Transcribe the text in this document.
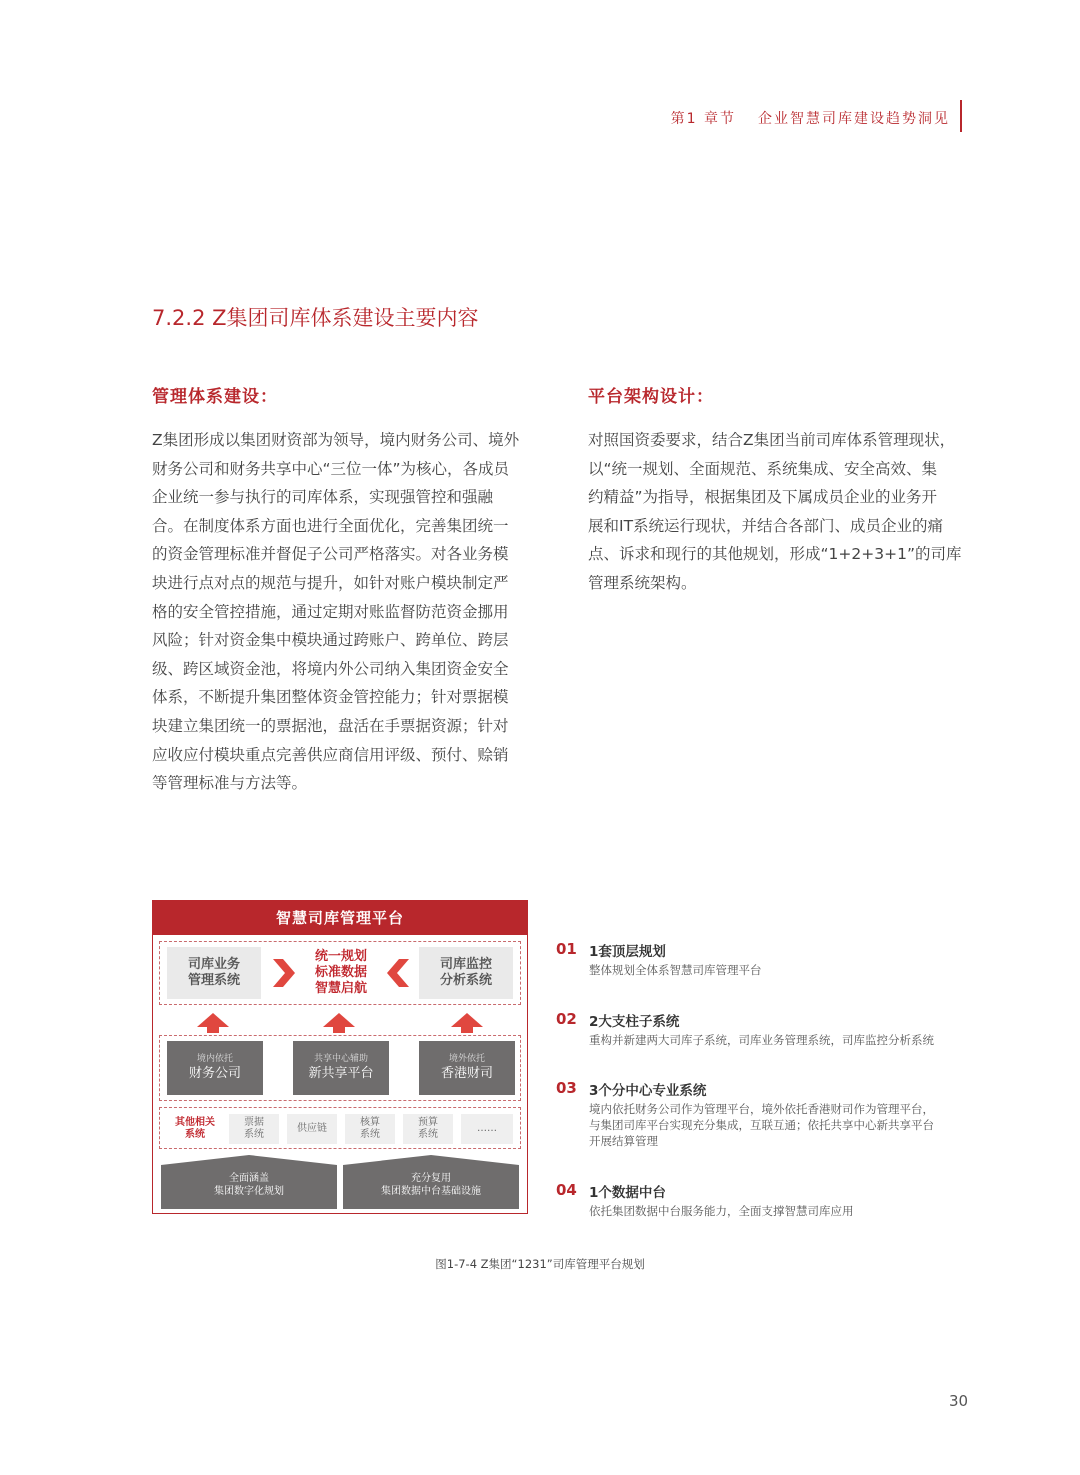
第1 章节 企业智慧司库建设趋势洞见
7.2.2 Z集团司库体系建设主要内容
管理体系建设：
Z集团形成以集团财资部为领导，境内财务公司、境外
财务公司和财务共享中心“三位一体”为核心，各成员
企业统一参与执行的司库体系，实现强管控和强融
合。在制度体系方面也进行全面优化，完善集团统一
的资金管理标准并督促子公司严格落实。对各业务模
块进行点对点的规范与提升，如针对账户模块制定严
格的安全管控措施，通过定期对账监督防范资金挪用
风险；针对资金集中模块通过跨账户、跨单位、跨层
级、跨区域资金池，将境内外公司纳入集团资金安全
体系，不断提升集团整体资金管控能力；针对票据模
块建立集团统一的票据池，盘活在手票据资源；针对
应收应付模块重点完善供应商信用评级、预付、赊销
等管理标准与方法等。
平台架构设计：
对照国资委要求，结合Z集团当前司库体系管理现状，
以“统一规划、全面规范、系统集成、安全高效、集
约精益”为指导，根据集团及下属成员企业的业务开
展和IT系统运行现状，并结合各部门、成员企业的痛
点、诉求和现行的其他规划，形成“1+2+3+1”的司库
管理系统架构。
智慧司库管理平台
司库业务
管理系统
统一规划
标准数据
智慧启航
司库监控
分析系统
境内依托
财务公司
共享中心辅助
新共享平台
境外依托
香港财司
其他相关
系统
票据
系统
供应链
核算
系统
预算
系统
……
全面涵盖
集团数字化规划
充分复用
集团数据中台基础设施
01 1套顶层规划
整体规划全体系智慧司库管理平台
02 2大支柱子系统
重构并新建两大司库子系统，司库业务管理系统，司库监控分析系统
03 3个分中心专业系统
境内依托财务公司作为管理平台，境外依托香港财司作为管理平台，
与集团司库平台实现充分集成，互联互通；依托共享中心新共享平台
开展结算管理
04 1个数据中台
依托集团数据中台服务能力，全面支撑智慧司库应用
图1-7-4 Z集团“1231”司库管理平台规划
30
